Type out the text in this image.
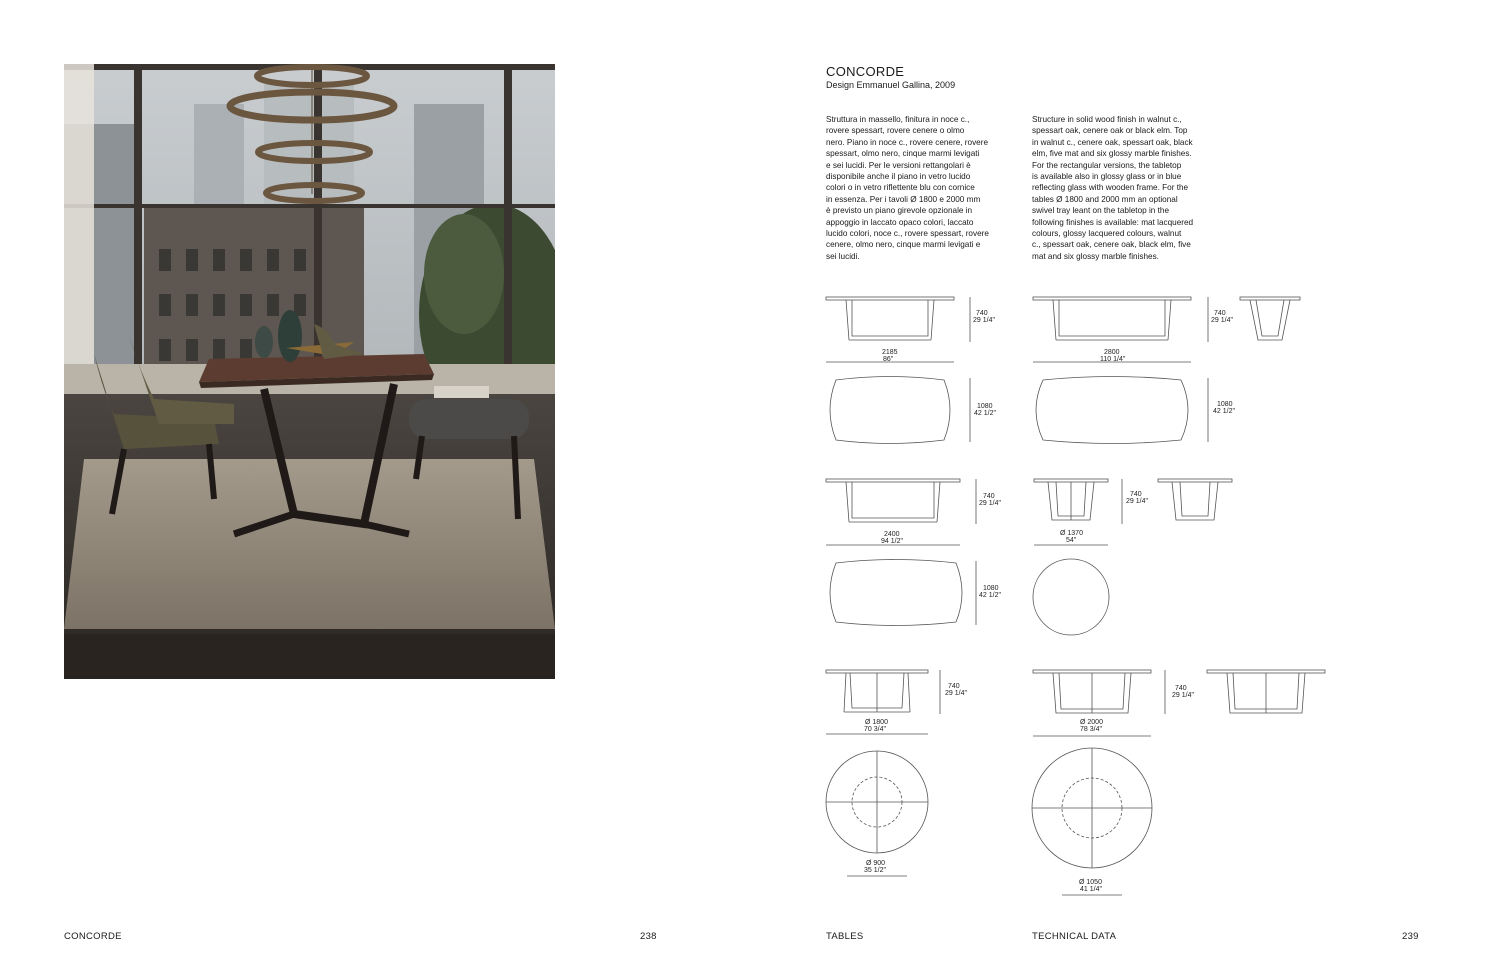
CONCORDE
Design Emmanuel Gallina, 2009
Struttura in massello, finitura in noce c.,
rovere spessart, rovere cenere o olmo
nero. Piano in noce c., rovere cenere, rovere
spessart, olmo nero, cinque marmi levigati
e sei lucidi. Per le versioni rettangolari è
disponibile anche il piano in vetro lucido
colori o in vetro riflettente blu con cornice
in essenza. Per i tavoli Ø 1800 e 2000 mm
è previsto un piano girevole opzionale in
appoggio in laccato opaco colori, laccato
lucido colori, noce c., rovere spessart, rovere
cenere, olmo nero, cinque marmi levigati e
sei lucidi.
Structure in solid wood finish in walnut c.,
spessart oak, cenere oak or black elm. Top
in walnut c., cenere oak, spessart oak, black
elm, five mat and six glossy marble finishes.
For the rectangular versions, the tabletop
is available also in glossy glass or in blue
reflecting glass with wooden frame. For the
tables Ø 1800 and 2000 mm an optional
swivel tray leant on the tabletop in the
following finishes is available: mat lacquered
colours, glossy lacquered colours, walnut
c., spessart oak, cenere oak, black elm, five
mat and six glossy marble finishes.
740
29 1/4"
2185
86"
740
29 1/4"
2800
110 1/4"
1080
42 1/2"
1080
42 1/2"
740
29 1/4"
2400
94 1/2"
740
29 1/4"
Ø 1370
54"
1080
42 1/2"
740
29 1/4"
Ø 1800
70 3/4"
740
29 1/4"
Ø 2000
78 3/4"
Ø 900
35 1/2"
Ø 1050
41 1/4"
CONCORDE	238	TABLES	TECHNICAL DATA	239
